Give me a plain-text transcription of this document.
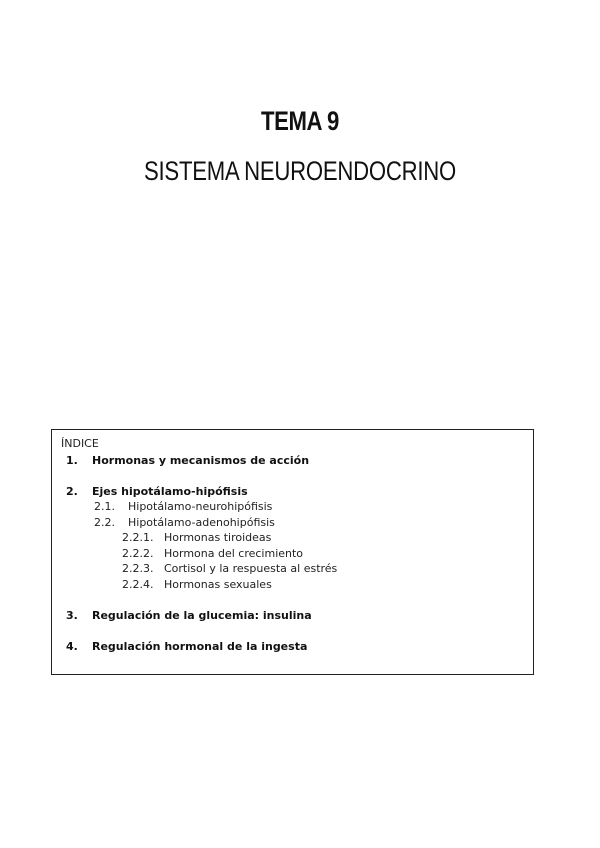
TEMA 9
SISTEMA NEUROENDOCRINO
ÍNDICE
1. Hormonas y mecanismos de acción
2. Ejes hipotálamo-hipófisis
2.1. Hipotálamo-neurohipófisis
2.2. Hipotálamo-adenohipófisis
2.2.1. Hormonas tiroideas
2.2.2. Hormona del crecimiento
2.2.3. Cortisol y la respuesta al estrés
2.2.4. Hormonas sexuales
3. Regulación de la glucemia: insulina
4. Regulación hormonal de la ingesta
